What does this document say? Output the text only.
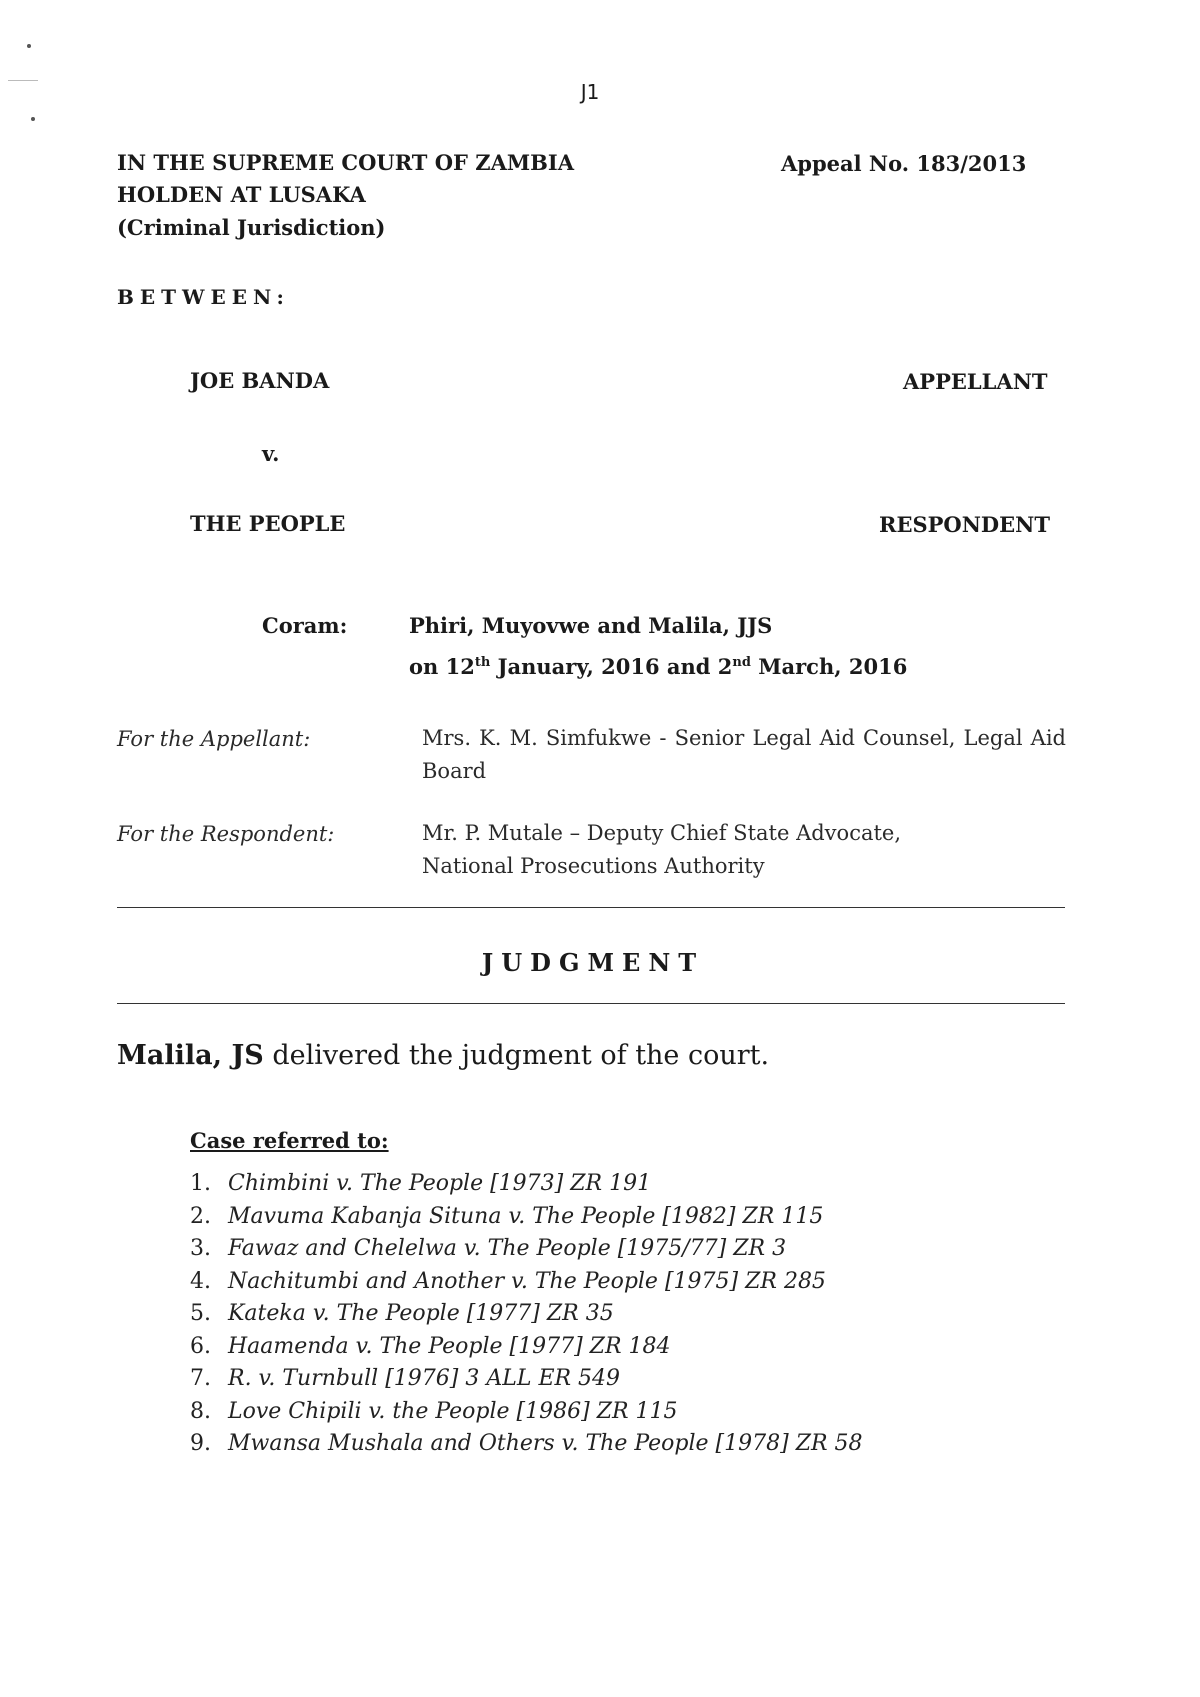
J1
IN THE SUPREME COURT OF ZAMBIA
HOLDEN AT LUSAKA
(Criminal Jurisdiction)
Appeal No. 183/2013
BETWEEN:
JOE BANDA	APPELLANT
v.
THE PEOPLE	RESPONDENT
Coram:	Phiri, Muyovwe and Malila, JJS
on 12th January, 2016 and 2nd March, 2016
For the Appellant:	Mrs. K. M. Simfukwe - Senior Legal Aid Counsel, Legal Aid Board
For the Respondent:	Mr. P. Mutale – Deputy Chief State Advocate,
National Prosecutions Authority
JUDGMENT
Malila, JS delivered the judgment of the court.
Case referred to:
1. Chimbini v. The People [1973] ZR 191
2. Mavuma Kabanja Situna v. The People [1982] ZR 115
3. Fawaz and Chelelwa v. The People [1975/77] ZR 3
4. Nachitumbi and Another v. The People [1975] ZR 285
5. Kateka v. The People [1977] ZR 35
6. Haamenda v. The People [1977] ZR 184
7. R. v. Turnbull [1976] 3 ALL ER 549
8. Love Chipili v. the People [1986] ZR 115
9. Mwansa Mushala and Others v. The People [1978] ZR 58
